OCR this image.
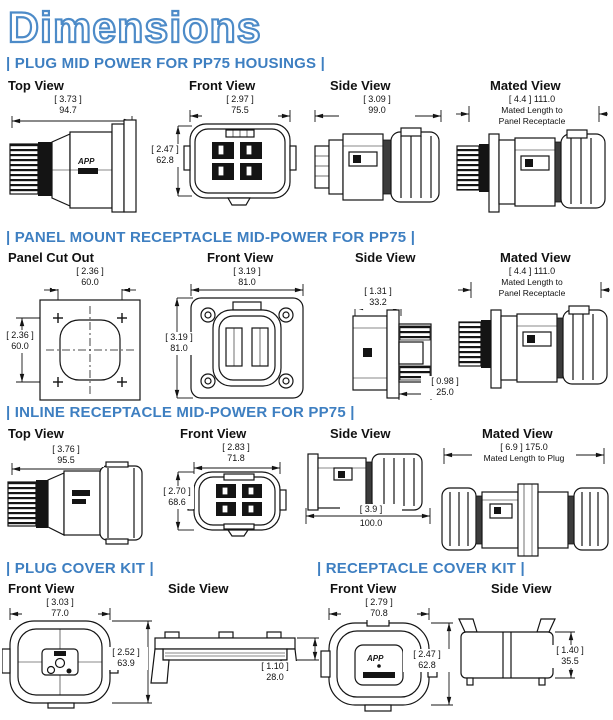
Dimensions
| PLUG MID POWER FOR PP75 HOUSINGS |
| PANEL MOUNT RECEPTACLE MID-POWER FOR PP75 |
| INLINE RECEPTACLE MID-POWER FOR PP75 |
| PLUG COVER KIT |	| RECEPTACLE COVER KIT |
Top View
[ 3.73 ]
94.7
APP
Front View
[ 2.97 ]
75.5
[ 2.47 ]
62.8
Side View
[ 3.09 ]
99.0
Mated View
[ 4.4 ] 111.0
Mated Length to
Panel Receptacle
Panel Cut Out
[ 2.36 ]
60.0
[ 2.36 ]
60.0
Front View
[ 3.19 ]
81.0
[ 3.19 ]
81.0
Side View
[ 1.31 ]
33.2
[ 0.98 ]
25.0
Mated View
[ 4.4 ] 111.0
Mated Length to
Panel Receptacle
Top View
[ 3.76 ]
95.5
Front View
[ 2.83 ]
71.8
[ 2.70 ]
68.6
Side View
[ 3.9 ]
100.0
Mated View
[ 6.9 ] 175.0
Mated Length to Plug
Front View
[ 3.03 ]
77.0
[ 2.52 ]
63.9
Side View
[ 1.10 ]
28.0
Front View
[ 2.79 ]
70.8
[ 2.47 ]
62.8
APP
Side View
[ 1.40 ]
35.5
